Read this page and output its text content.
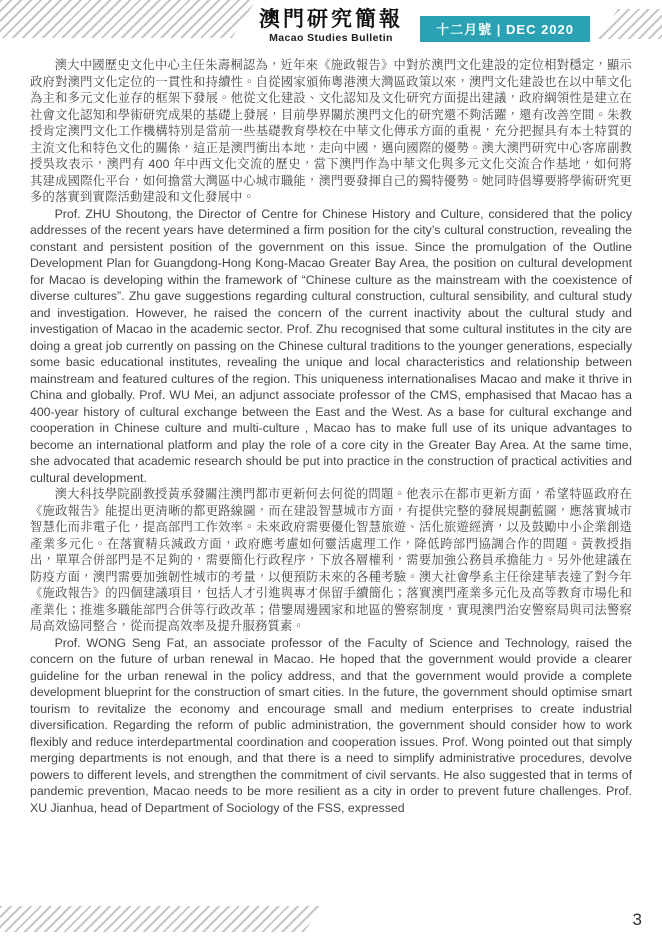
澳門研究簡報
Macao Studies Bulletin
十二月號 | DEC 2020

澳大中國歷史文化中心主任朱壽桐認為，近年來《施政報告》中對於澳門文化建設的定位相對穩定，顯示政府對澳門文化定位的一貫性和持續性。自從國家頒佈粵港澳大灣區政策以來，澳門文化建設也在以中華文化為主和多元文化並存的框架下發展。他從文化建設、文化認知及文化研究方面提出建議，政府綱領性是建立在社會文化認知和學術研究成果的基礎上發展，目前學界關於澳門文化的研究還不夠活躍，還有改善空間。朱教授肯定澳門文化工作機構特別是當前一些基礎教育學校在中華文化傳承方面的重視，充分把握具有本土特質的主流文化和特色文化的關係，這正是澳門衝出本地，走向中國，邁向國際的優勢。澳大澳門研究中心客席副教授吳玫表示，澳門有 400 年中西文化交流的歷史，當下澳門作為中華文化與多元文化交流合作基地，如何將其建成國際化平台，如何擔當大灣區中心城市職能，澳門要發揮自己的獨特優勢。她同時倡導要將學術研究更多的落實到實際活動建設和文化發展中。

Prof. ZHU Shoutong, the Director of Centre for Chinese History and Culture, considered that the policy addresses of the recent years have determined a firm position for the city’s cultural construction, revealing the constant and persistent position of the government on this issue. Since the promulgation of the Outline Development Plan for Guangdong-Hong Kong-Macao Greater Bay Area, the position on cultural development for Macao is developing within the framework of “Chinese culture as the mainstream with the coexistence of diverse cultures”. Zhu gave suggestions regarding cultural construction, cultural sensibility, and cultural study and investigation. However, he raised the concern of the current inactivity about the cultural study and investigation of Macao in the academic sector. Prof. Zhu recognised that some cultural institutes in the city are doing a great job currently on passing on the Chinese cultural traditions to the younger generations, especially some basic educational institutes, revealing the unique and local characteristics and relationship between mainstream and featured cultures of the region. This uniqueness internationalises Macao and make it thrive in China and globally. Prof. WU Mei, an adjunct associate professor of the CMS, emphasised that Macao has a 400-year history of cultural exchange between the East and the West. As a base for cultural exchange and cooperation in Chinese culture and multi-culture , Macao has to make full use of its unique advantages to become an international platform and play the role of a core city in the Greater Bay Area. At the same time, she advocated that academic research should be put into practice in the construction of practical activities and cultural development.

澳大科技學院副教授黃承發關注澳門都市更新何去何從的問題。他表示在都市更新方面，希望特區政府在《施政報告》能提出更清晰的都更路線圖，而在建設智慧城市方面，有提供完整的發展規劃藍圖，應落實城市智慧化而非電子化，提高部門工作效率。未來政府需要優化智慧旅遊、活化旅遊經濟，以及鼓勵中小企業創造產業多元化。在落實精兵減政方面，政府應考慮如何靈活處理工作，降低跨部門協調合作的問題。黃教授指出，單單合併部門是不足夠的，需要簡化行政程序，下放各層權利，需要加強公務員承擔能力。另外他建議在防疫方面，澳門需要加強韌性城市的考量，以便預防未來的各種考驗。澳大社會學系主任徐建華表達了對今年《施政報告》的四個建議項目，包括人才引進與專才保留手續簡化；落實澳門產業多元化及高等教育市場化和產業化；推進多職能部門合併等行政改革；借鑒周邊國家和地區的警察制度，實現澳門治安警察局與司法警察局高效協同整合，從而提高效率及提升服務質素。

Prof. WONG Seng Fat, an associate professor of the Faculty of Science and Technology, raised the concern on the future of urban renewal in Macao. He hoped that the government would provide a clearer guideline for the urban renewal in the policy address, and that the government would provide a complete development blueprint for the construction of smart cities. In the future, the government should optimise smart tourism to revitalize the economy and encourage small and medium enterprises to create industrial diversification. Regarding the reform of public administration, the government should consider how to work flexibly and reduce interdepartmental coordination and cooperation issues. Prof. Wong pointed out that simply merging departments is not enough, and that there is a need to simplify administrative procedures, devolve powers to different levels, and strengthen the commitment of civil servants. He also suggested that in terms of pandemic prevention, Macao needs to be more resilient as a city in order to prevent future challenges. Prof. XU Jianhua, head of Department of Sociology of the FSS, expressed

3
